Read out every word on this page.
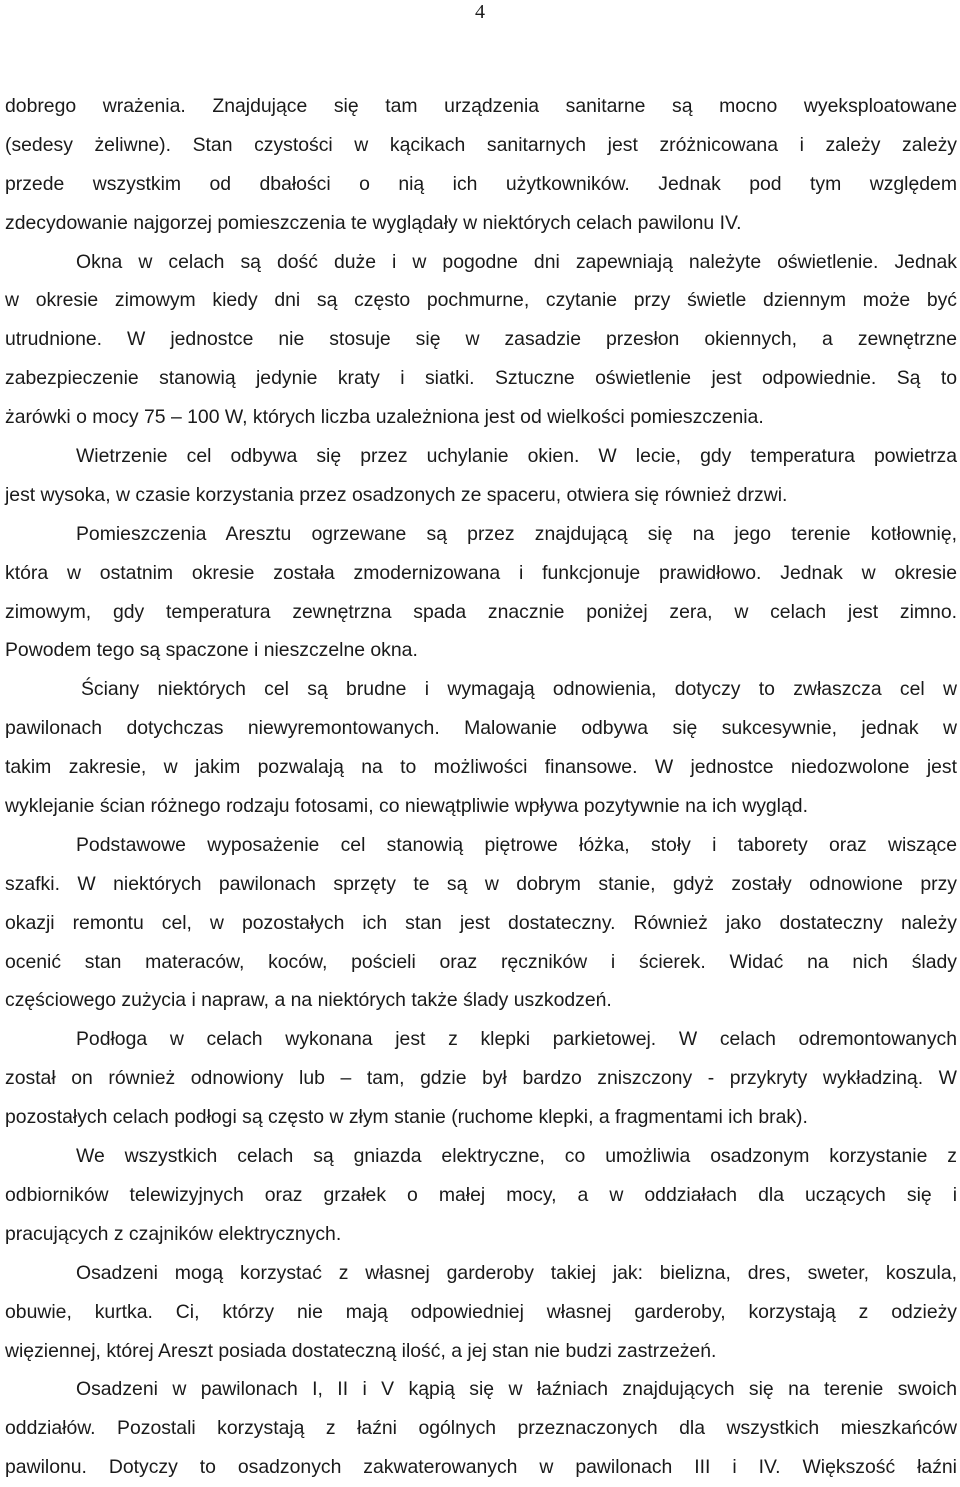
4
dobrego wrażenia. Znajdujące się tam urządzenia sanitarne są mocno wyeksploatowane
(sedesy żeliwne). Stan czystości w kącikach sanitarnych jest zróżnicowana i zależy zależy
przede wszystkim od dbałości o nią ich użytkowników. Jednak pod tym względem
zdecydowanie najgorzej pomieszczenia te wyglądały w niektórych celach pawilonu IV.
Okna w celach są dość duże i w pogodne dni zapewniają należyte oświetlenie. Jednak
w okresie zimowym kiedy dni są często pochmurne, czytanie przy świetle dziennym może być
utrudnione. W jednostce nie stosuje się w zasadzie przesłon okiennych, a zewnętrzne
zabezpieczenie stanowią jedynie kraty i siatki. Sztuczne oświetlenie jest odpowiednie. Są to
żarówki o mocy 75 – 100 W, których liczba uzależniona jest od wielkości pomieszczenia.
Wietrzenie cel odbywa się przez uchylanie okien. W lecie, gdy temperatura powietrza
jest wysoka, w czasie korzystania przez osadzonych ze spaceru, otwiera się również drzwi.
Pomieszczenia Aresztu ogrzewane są przez znajdującą się na jego terenie kotłownię,
która w ostatnim okresie została zmodernizowana i funkcjonuje prawidłowo. Jednak w okresie
zimowym, gdy temperatura zewnętrzna spada znacznie poniżej zera, w celach jest zimno.
Powodem tego są spaczone i nieszczelne okna.
Ściany niektórych cel są brudne i wymagają odnowienia, dotyczy to zwłaszcza cel w
pawilonach dotychczas niewyremontowanych. Malowanie odbywa się sukcesywnie, jednak w
takim zakresie, w jakim pozwalają na to możliwości finansowe. W jednostce niedozwolone jest
wyklejanie ścian różnego rodzaju fotosami, co niewątpliwie wpływa pozytywnie na ich wygląd.
Podstawowe wyposażenie cel stanowią piętrowe łóżka, stoły i taborety oraz wiszące
szafki. W niektórych pawilonach sprzęty te są w dobrym stanie, gdyż zostały odnowione przy
okazji remontu cel, w pozostałych ich stan jest dostateczny. Również jako dostateczny należy
ocenić stan materaców, koców, pościeli oraz ręczników i ścierek. Widać na nich ślady
częściowego zużycia i napraw, a na niektórych także ślady uszkodzeń.
Podłoga w celach wykonana jest z klepki parkietowej. W celach odremontowanych
został on również odnowiony lub – tam, gdzie był bardzo zniszczony - przykryty wykładziną. W
pozostałych celach podłogi są często w złym stanie (ruchome klepki, a fragmentami ich brak).
We wszystkich celach są gniazda elektryczne, co umożliwia osadzonym korzystanie z
odbiorników telewizyjnych oraz grzałek o małej mocy, a w oddziałach dla uczących się i
pracujących z czajników elektrycznych.
Osadzeni mogą korzystać z własnej garderoby takiej jak: bielizna, dres, sweter, koszula,
obuwie, kurtka. Ci, którzy nie mają odpowiedniej własnej garderoby, korzystają z odzieży
więziennej, której Areszt posiada dostateczną ilość, a jej stan nie budzi zastrzeżeń.
Osadzeni w pawilonach I, II i V kąpią się w łaźniach znajdujących się na terenie swoich
oddziałów. Pozostali korzystają z łaźni ogólnych przeznaczonych dla wszystkich mieszkańców
pawilonu. Dotyczy to osadzonych zakwaterowanych w pawilonach III i IV. Większość łaźni
